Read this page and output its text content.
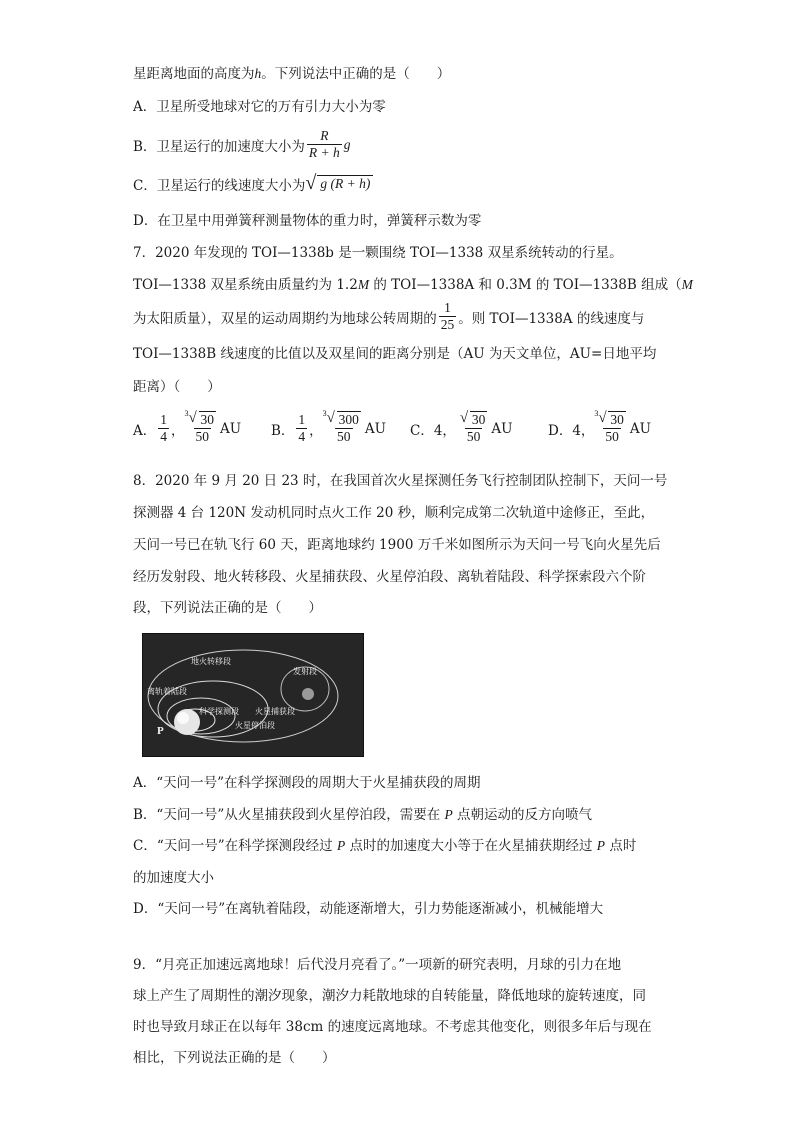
星距离地面的高度为h。下列说法中正确的是（　　）
A．卫星所受地球对它的万有引力大小为零
B．卫星运行的加速度大小为 $\frac{R}{R + h}$ g
C．卫星运行的线速度大小为	√ g (R + h)
D．在卫星中用弹簧秤测量物体的重力时，弹簧秤示数为零
7．2020 年发现的 TOI—1338b 是一颗围绕 TOI—1338 双星系统转动的行星。
TOI—1338 双星系统由质量约为 1.2M 的 TOI—1338A 和 0.3M 的 TOI—1338B 组成（M
为太阳质量），双星的运动周期约为地球公转周期的 $\frac{1}{25}$ 。则 TOI—1338A 的线速度与
TOI—1338B 线速度的比值以及双星间的距离分别是（AU 为天文单位，AU=日地平均
距离）（　　）
A． $\frac{1}{4}$ ， √ $\frac{3 30}{50}$ AU B． $\frac{1}{4}$ ， √ $\frac{3 300}{50}$ AU C．4， √ $\frac{30}{50}$ AU	D．4， √ $\frac{3 30}{50}$ AU
8．2020 年 9 月 20 日 23 时，在我国首次火星探测任务飞行控制团队控制下，天问一号
探测器 4 台 120N 发动机同时点火工作 20 秒，顺利完成第二次轨道中途修正，至此，
天问一号已在轨飞行 60 天，距离地球约 1900 万千米如图所示为天问一号飞向火星先后
经历发射段、地火转移段、火星捕获段、火星停泊段、离轨着陆段、科学探索段六个阶
段，下列说法正确的是（　　）
地火转移段
发射段
离轨着陆段
科学探测段 火星捕获段
火星停泊段
P
A．“天问一号”在科学探测段的周期大于火星捕获段的周期
B．“天问一号”从火星捕获段到火星停泊段，需要在 P 点朝运动的反方向喷气
C．“天问一号”在科学探测段经过 P 点时的加速度大小等于在火星捕获期经过 P 点时
的加速度大小
D．“天问一号”在离轨着陆段，动能逐渐增大，引力势能逐渐减小，机械能增大
9．“月亮正加速远离地球！后代没月亮看了。”一项新的研究表明，月球的引力在地
球上产生了周期性的潮汐现象，潮汐力耗散地球的自转能量，降低地球的旋转速度，同
时也导致月球正在以每年 38cm 的速度远离地球。不考虑其他变化，则很多年后与现在
相比，下列说法正确的是（　　）
